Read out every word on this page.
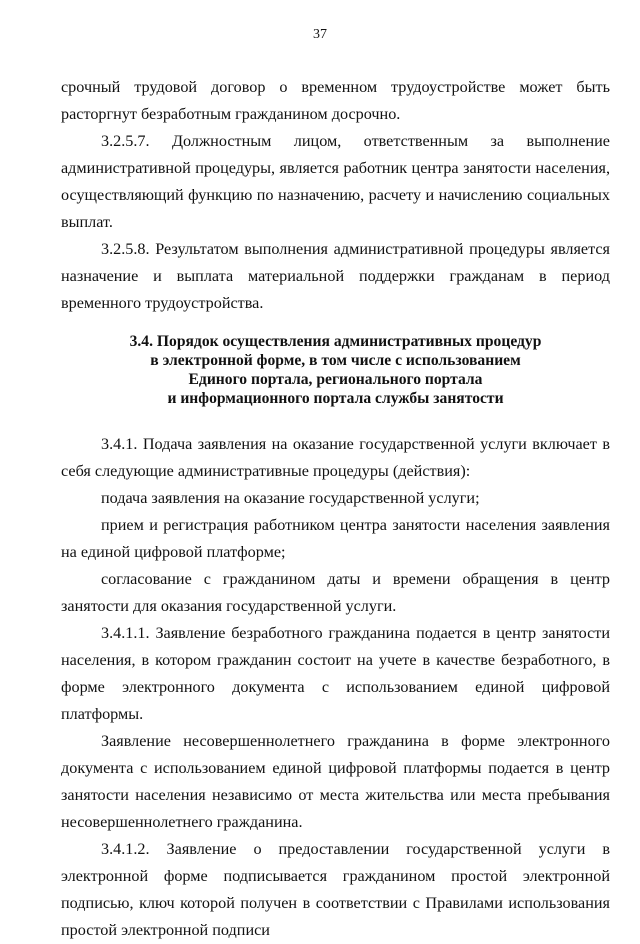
37

срочный трудовой договор о временном трудоустройстве может быть расторгнут безработным гражданином досрочно.

3.2.5.7. Должностным лицом, ответственным за выполнение административной процедуры, является работник центра занятости населения, осуществляющий функцию по назначению, расчету и начислению социальных выплат.

3.2.5.8. Результатом выполнения административной процедуры является назначение и выплата материальной поддержки гражданам в период временного трудоустройства.

3.4. Порядок осуществления административных процедур
в электронной форме, в том числе с использованием
Единого портала, регионального портала
и информационного портала службы занятости

3.4.1. Подача заявления на оказание государственной услуги включает в себя следующие административные процедуры (действия):

подача заявления на оказание государственной услуги;

прием и регистрация работником центра занятости населения заявления на единой цифровой платформе;

согласование с гражданином даты и времени обращения в центр занятости для оказания государственной услуги.

3.4.1.1. Заявление безработного гражданина подается в центр занятости населения, в котором гражданин состоит на учете в качестве безработного, в форме электронного документа с использованием единой цифровой платформы.

Заявление несовершеннолетнего гражданина в форме электронного документа с использованием единой цифровой платформы подается в центр занятости населения независимо от места жительства или места пребывания несовершеннолетнего гражданина.

3.4.1.2. Заявление о предоставлении государственной услуги в электронной форме подписывается гражданином простой электронной подписью, ключ которой получен в соответствии с Правилами использования простой электронной подписи
